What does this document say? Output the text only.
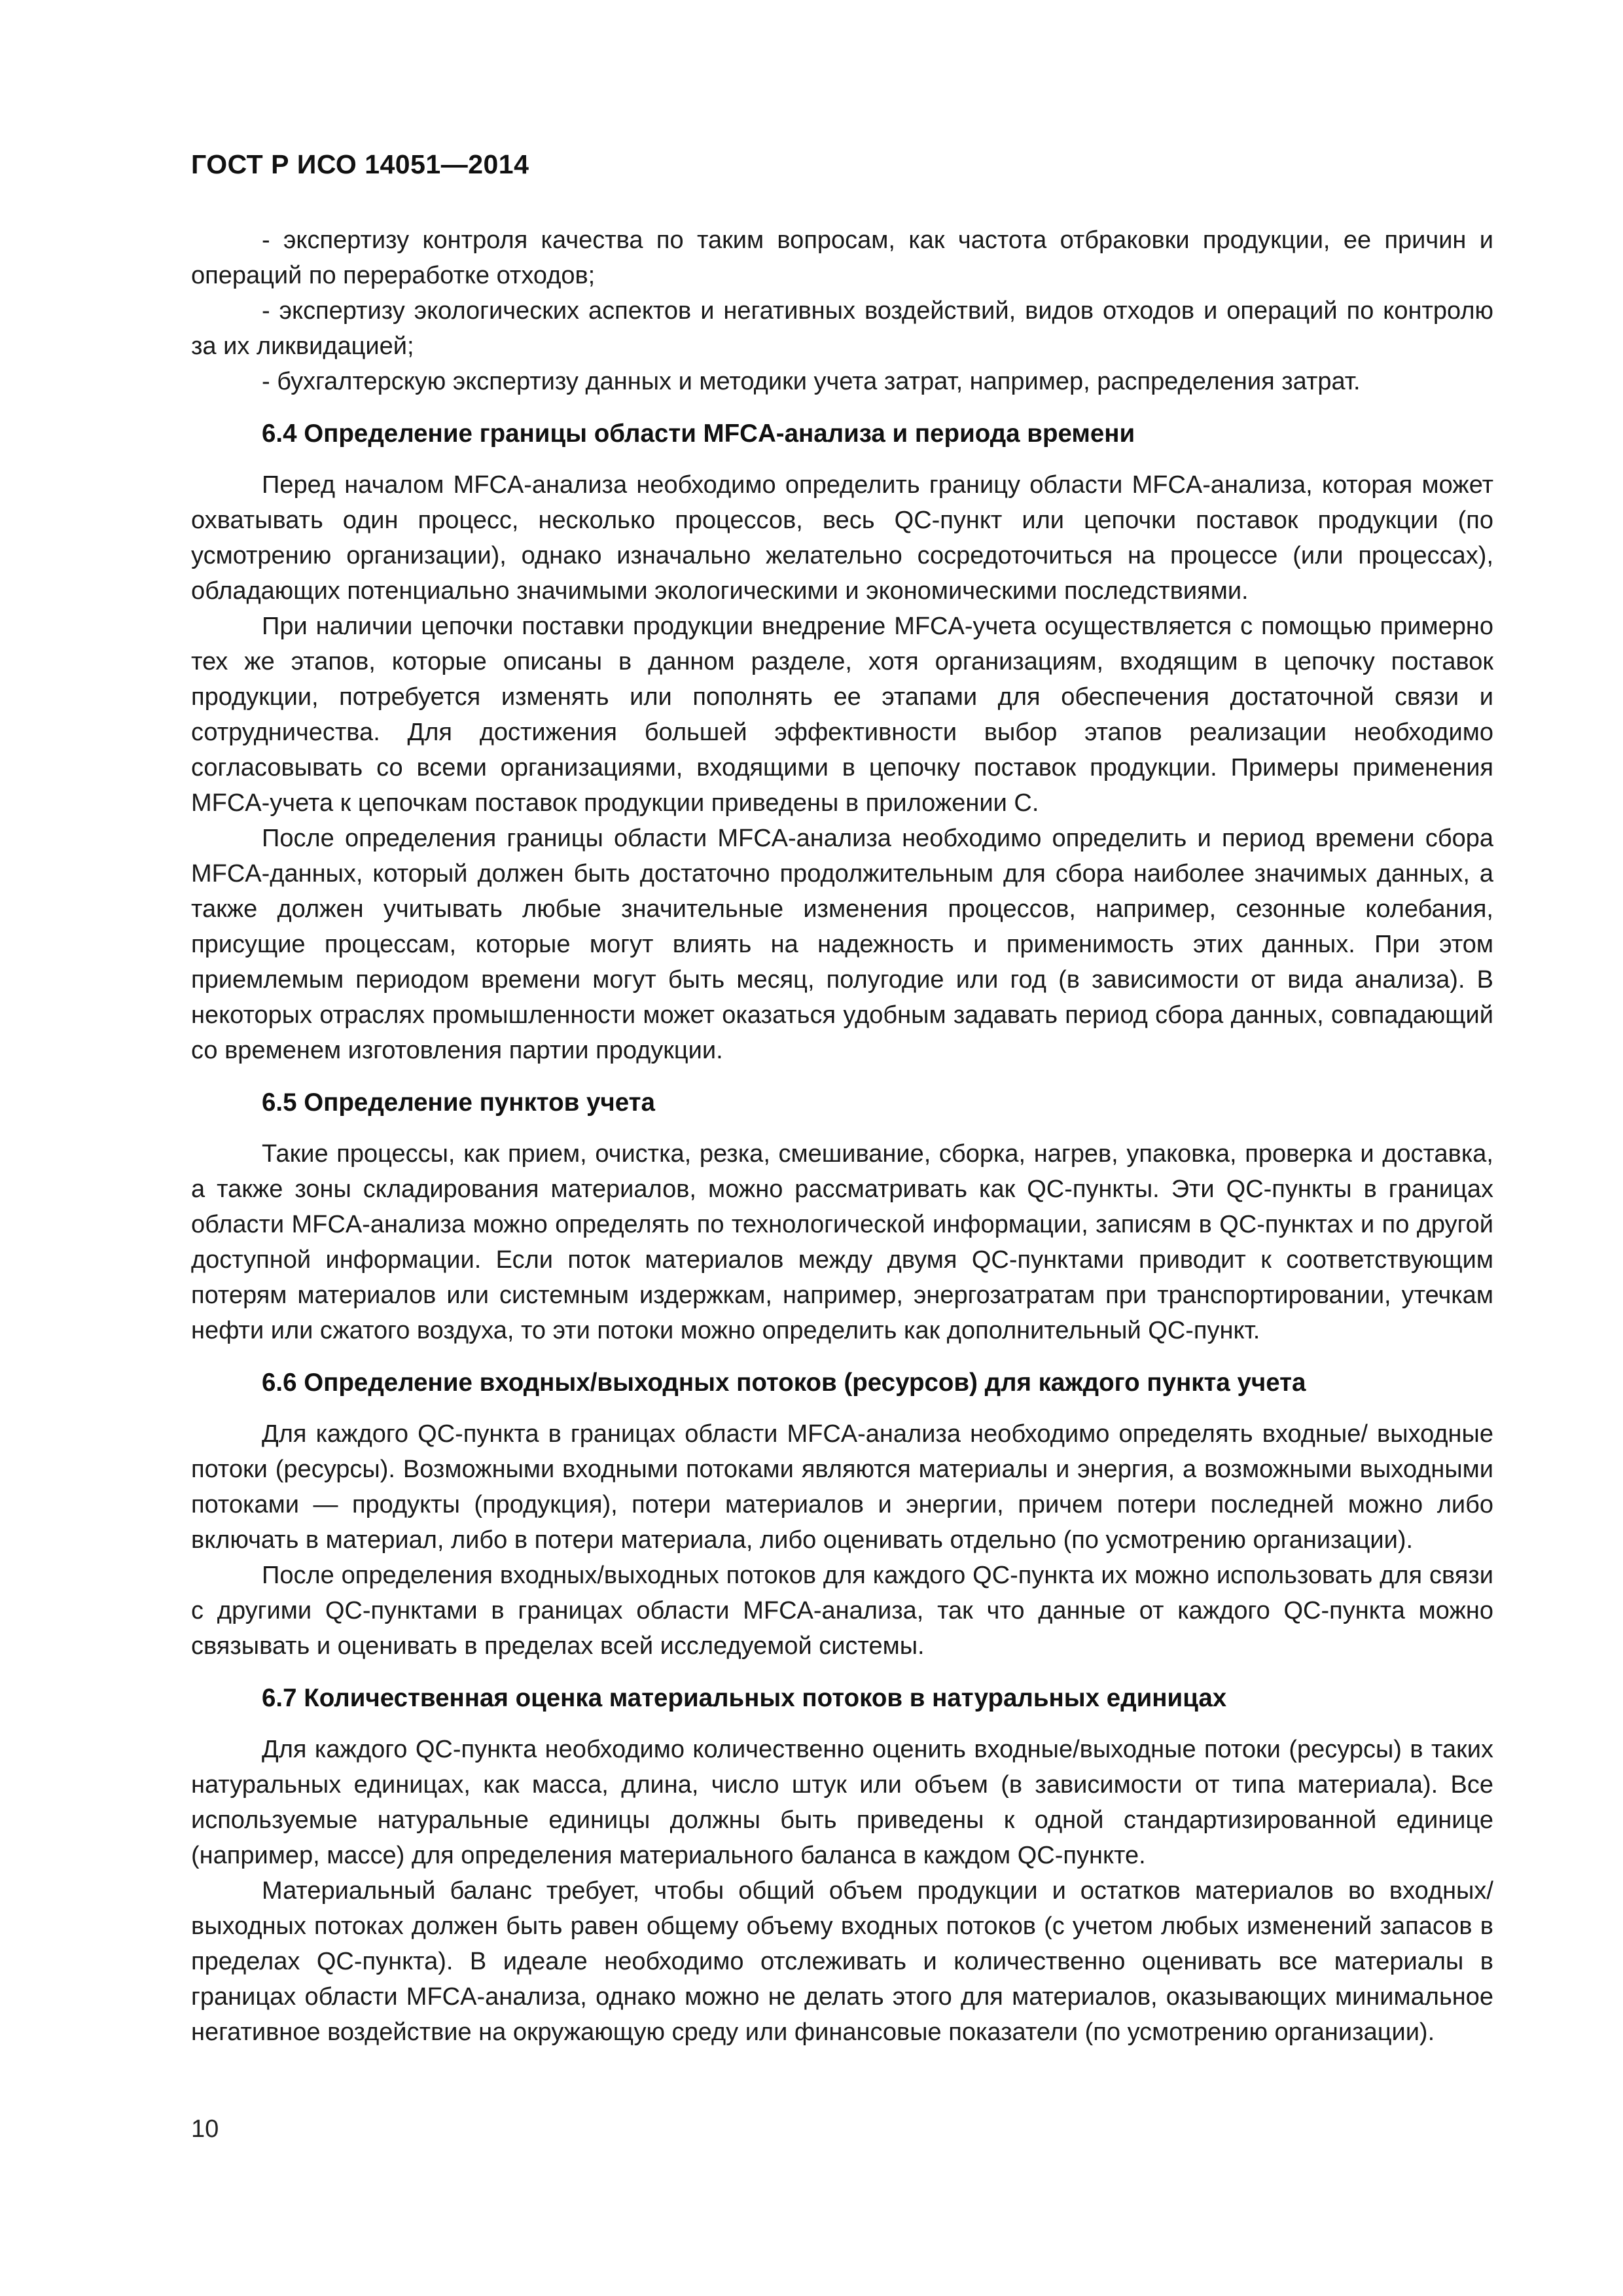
ГОСТ Р ИСО 14051—2014

- экспертизу контроля качества по таким вопросам, как частота отбраковки продукции, ее причин и операций по переработке отходов;

- экспертизу экологических аспектов и негативных воздействий, видов отходов и операций по контролю за их ликвидацией;

- бухгалтерскую экспертизу данных и методики учета затрат, например, распределения затрат.

6.4 Определение границы области MFCA-анализа и периода времени

Перед началом MFCA-анализа необходимо определить границу области MFCA-анализа, которая может охватывать один процесс, несколько процессов, весь QC-пункт или цепочки поставок продукции (по усмотрению организации), однако изначально желательно сосредоточиться на процессе (или процессах), обладающих потенциально значимыми экологическими и экономическими последствиями.

При наличии цепочки поставки продукции внедрение MFCA-учета осуществляется с помощью примерно тех же этапов, которые описаны в данном разделе, хотя организациям, входящим в цепочку поставок продукции, потребуется изменять или пополнять ее этапами для обеспечения достаточной связи и сотрудничества. Для достижения большей эффективности выбор этапов реализации необходимо согласовывать со всеми организациями, входящими в цепочку поставок продукции. Примеры применения MFCA-учета к цепочкам поставок продукции приведены в приложении С.

После определения границы области MFCA-анализа необходимо определить и период времени сбора MFCA-данных, который должен быть достаточно продолжительным для сбора наиболее значимых данных, а также должен учитывать любые значительные изменения процессов, например, сезонные колебания, присущие процессам, которые могут влиять на надежность и применимость этих данных. При этом приемлемым периодом времени могут быть месяц, полугодие или год (в зависимости от вида анализа). В некоторых отраслях промышленности может оказаться удобным задавать период сбора данных, совпадающий со временем изготовления партии продукции.

6.5 Определение пунктов учета

Такие процессы, как прием, очистка, резка, смешивание, сборка, нагрев, упаковка, проверка и доставка, а также зоны складирования материалов, можно рассматривать как QC-пункты. Эти QC-пункты в границах области MFCA-анализа можно определять по технологической информации, записям в QC-пунктах и по другой доступной информации. Если поток материалов между двумя QC-пунктами приводит к соответствующим потерям материалов или системным издержкам, например, энергозатратам при транспортировании, утечкам нефти или сжатого воздуха, то эти потоки можно определить как дополнительный QC-пункт.

6.6 Определение входных/выходных потоков (ресурсов) для каждого пункта учета

Для каждого QC-пункта в границах области MFCA-анализа необходимо определять входные/ выходные потоки (ресурсы). Возможными входными потоками являются материалы и энергия, а возможными выходными потоками — продукты (продукция), потери материалов и энергии, причем потери последней можно либо включать в материал, либо в потери материала, либо оценивать отдельно (по усмотрению организации).

После определения входных/выходных потоков для каждого QC-пункта их можно использовать для связи с другими QC-пунктами в границах области MFCA-анализа, так что данные от каждого QC-пункта можно связывать и оценивать в пределах всей исследуемой системы.

6.7 Количественная оценка материальных потоков в натуральных единицах

Для каждого QC-пункта необходимо количественно оценить входные/выходные потоки (ресурсы) в таких натуральных единицах, как масса, длина, число штук или объем (в зависимости от типа материала). Все используемые натуральные единицы должны быть приведены к одной стандартизированной единице (например, массе) для определения материального баланса в каждом QC-пункте.

Материальный баланс требует, чтобы общий объем продукции и остатков материалов во входных/ выходных потоках должен быть равен общему объему входных потоков (с учетом любых изменений запасов в пределах QC-пункта). В идеале необходимо отслеживать и количественно оценивать все материалы в границах области MFCA-анализа, однако можно не делать этого для материалов, оказывающих минимальное негативное воздействие на окружающую среду или финансовые показатели (по усмотрению организации).

10
